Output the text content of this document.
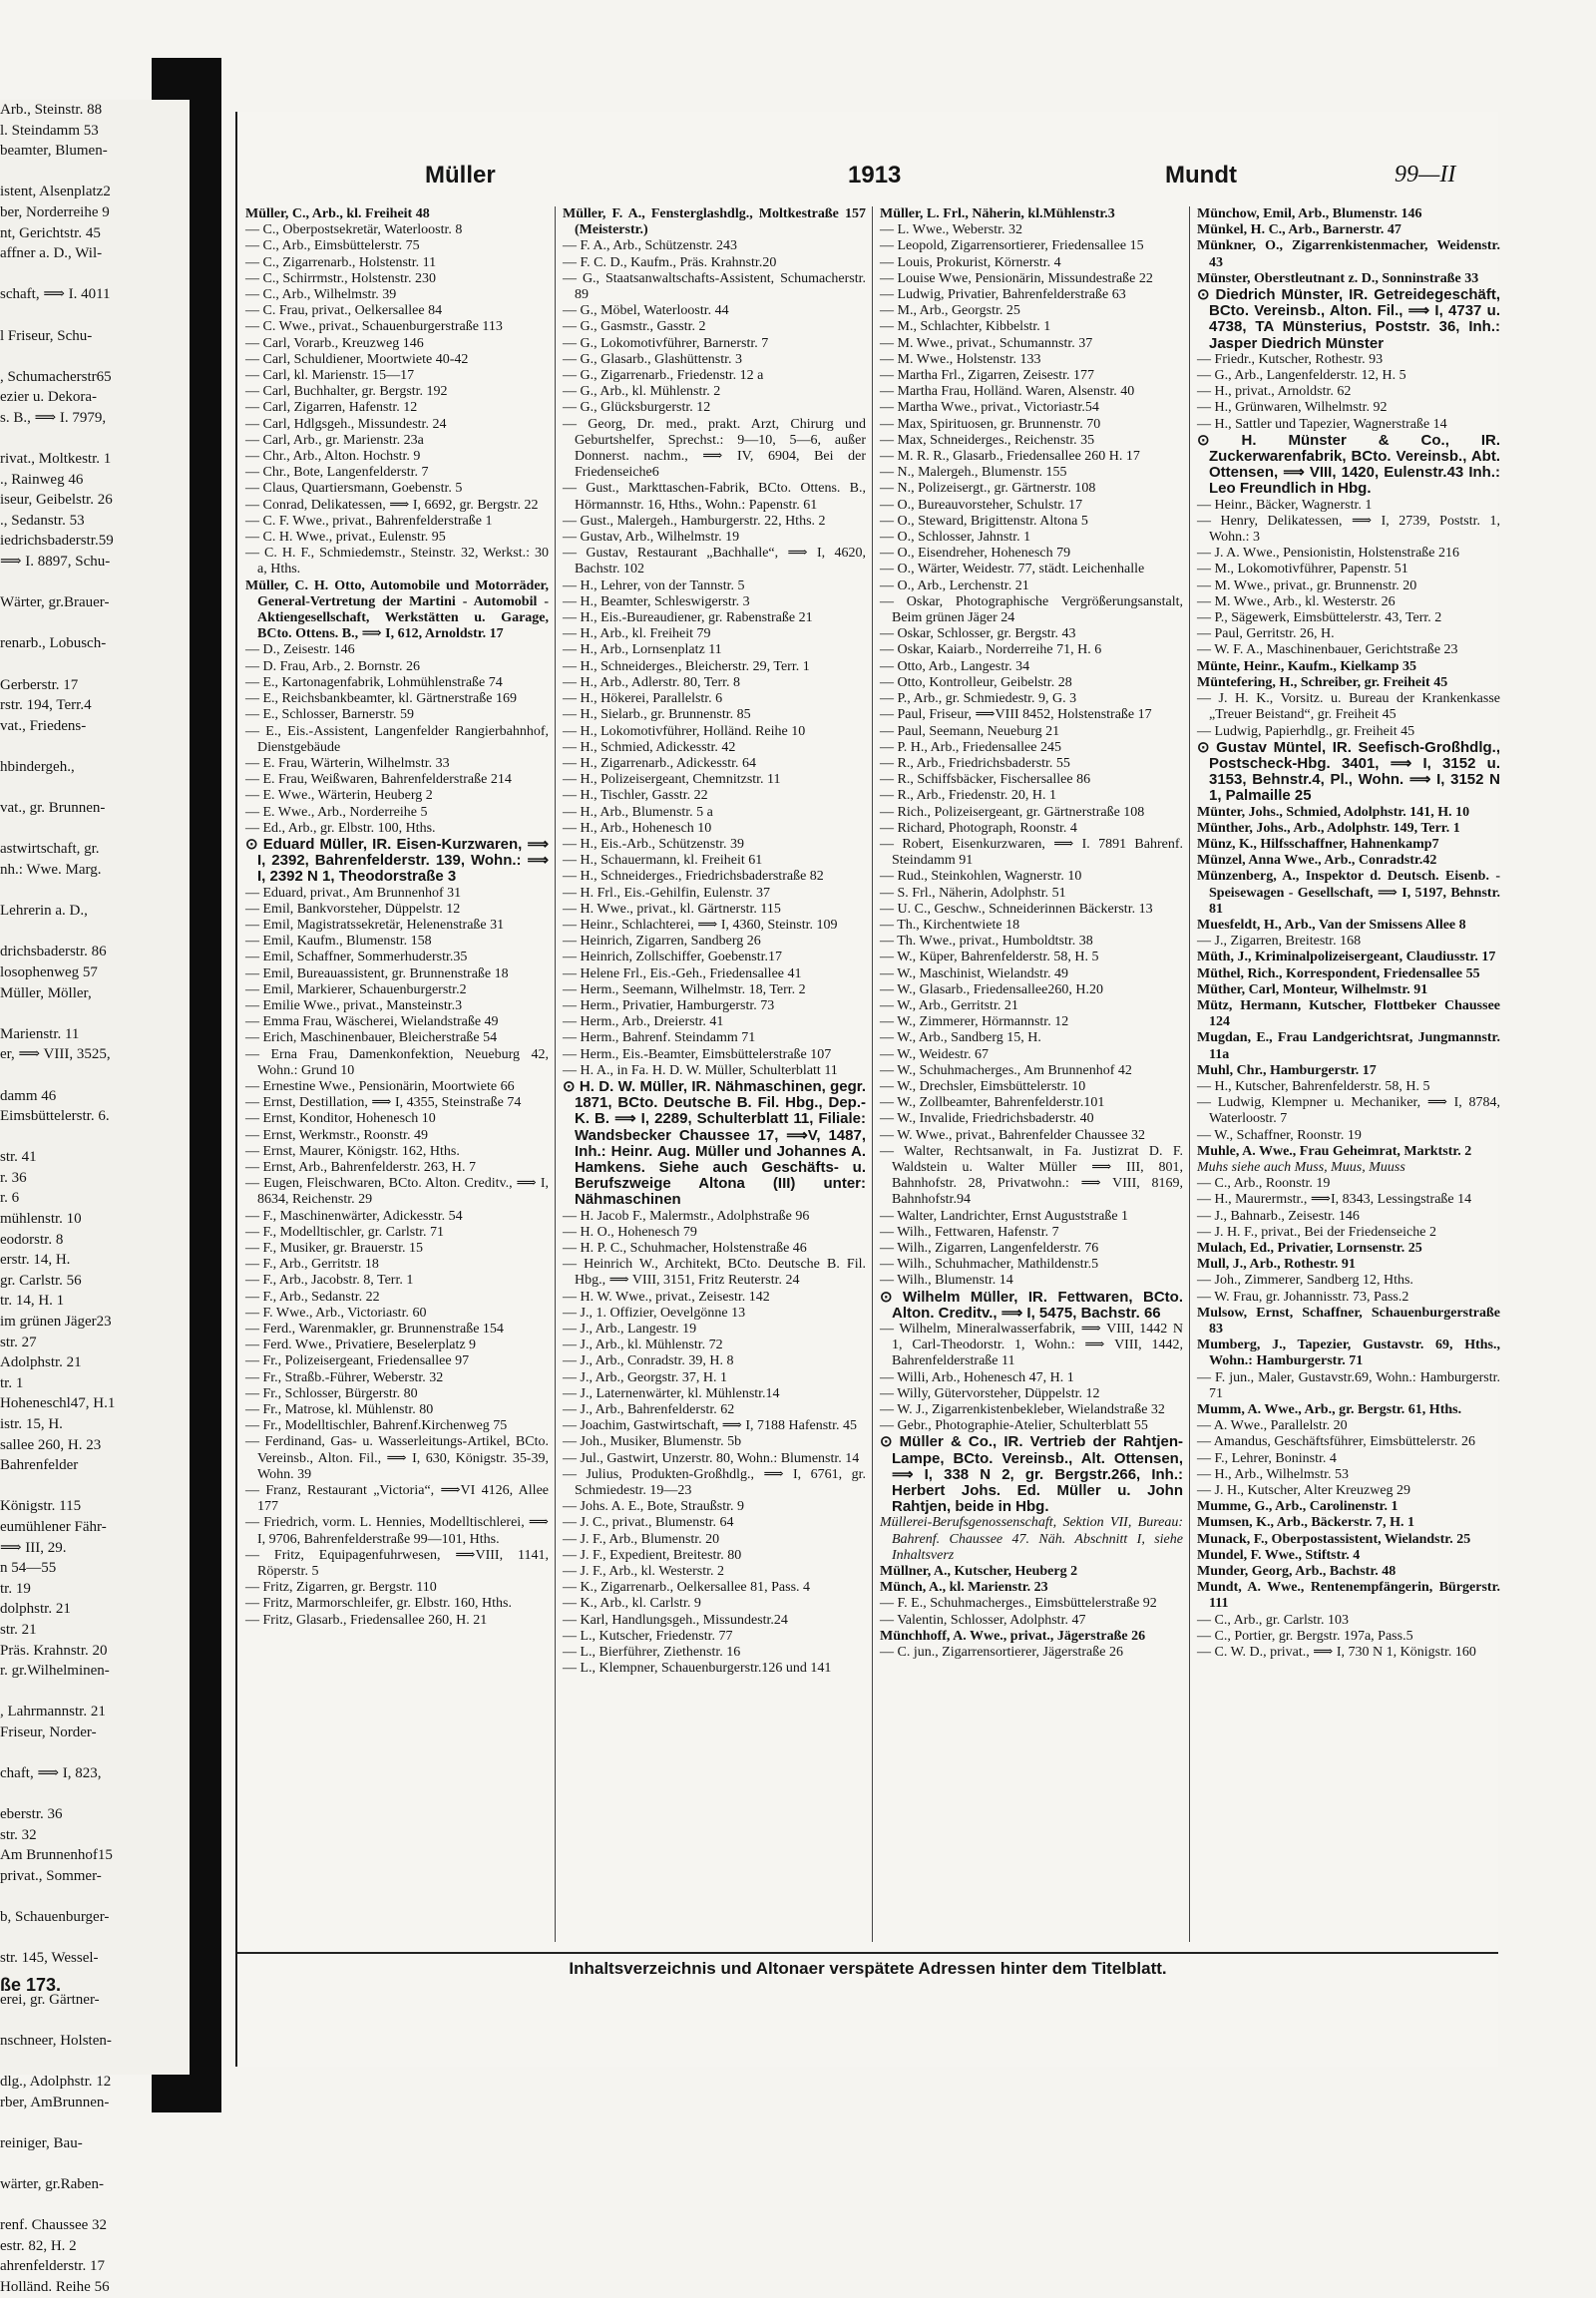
Arb., Steinstr. 88
l. Steindamm 53
beamter, Blumen-

istent, Alsenplatz2
ber, Norderreihe 9
nt, Gerichtstr. 45
affner a. D., Wil-

schaft, ⟹ I. 4011

l Friseur, Schu-

, Schumacherstr65
ezier u. Dekora-
s. B., ⟹ I. 7979,

rivat., Moltkestr. 1
., Rainweg 46
iseur, Geibelstr. 26
., Sedanstr. 53
iedrichsbaderstr.59
⟹ I. 8897, Schu-

Wärter, gr.Brauer-

renarb., Lobusch-

Gerberstr. 17
rstr. 194, Terr.4
vat., Friedens-

hbindergeh.,

vat., gr. Brunnen-

astwirtschaft, gr.
nh.: Wwe. Marg.

Lehrerin a. D.,

drichsbaderstr. 86
losophenweg 57
Müller, Möller,

Marienstr. 11
er, ⟹ VIII, 3525,

damm 46
Eimsbüttelerstr. 6.

str. 41
r. 36
r. 6
mühlenstr. 10
eodorstr. 8
erstr. 14, H.
gr. Carlstr. 56
tr. 14, H. 1
im grünen Jäger23
str. 27
Adolphstr. 21
tr. 1
Hoheneschl47, H.1
istr. 15, H.
sallee 260, H. 23
Bahrenfelder

Königstr. 115
eumühlener Fähr-
⟹ III, 29.
n 54—55
tr. 19
dolphstr. 21
str. 21
Präs. Krahnstr. 20
r. gr.Wilhelminen-

, Lahrmannstr. 21
Friseur, Norder-

chaft, ⟹ I, 823,

eberstr. 36
str. 32
Am Brunnenhof15
privat., Sommer-

b, Schauenburger-

str. 145, Wessel-

erei, gr. Gärtner-

nschneer, Holsten-

dlg., Adolphstr. 12
rber, AmBrunnen-

reiniger, Bau-

wärter, gr.Raben-

renf. Chaussee 32
estr. 82, H. 2
ahrenfelderstr. 17
Holländ. Reihe 56
ße 173.
Müller	1913	Mundt	99—II

Müller, C., Arb., kl. Freiheit 48

— C., Oberpostsekretär, Waterloostr. 8

— C., Arb., Eimsbüttelerstr. 75

— C., Zigarrenarb., Holstenstr. 11

— C., Schirrmstr., Holstenstr. 230

— C., Arb., Wilhelmstr. 39

— C. Frau, privat., Oelkersallee 84

— C. Wwe., privat., Schauenburgerstraße 113

— Carl, Vorarb., Kreuzweg 146

— Carl, Schuldiener, Moortwiete 40-42

— Carl, kl. Marienstr. 15—17

— Carl, Buchhalter, gr. Bergstr. 192

— Carl, Zigarren, Hafenstr. 12

— Carl, Hdlgsgeh., Missundestr. 24

— Carl, Arb., gr. Marienstr. 23a

— Chr., Arb., Alton. Hochstr. 9

— Chr., Bote, Langenfelderstr. 7

— Claus, Quartiersmann, Goebenstr. 5

— Conrad, Delikatessen, ⟹ I, 6692, gr. Bergstr. 22

— C. F. Wwe., privat., Bahrenfelderstraße 1

— C. H. Wwe., privat., Eulenstr. 95

— C. H. F., Schmiedemstr., Steinstr. 32, Werkst.: 30 a, Hths.

Müller, C. H. Otto, Automobile und Motorräder, General-Vertretung der Martini - Automobil - Aktiengesellschaft, Werkstätten u. Garage, BCto. Ottens. B., ⟹ I, 612, Arnoldstr. 17

— D., Zeisestr. 146

— D. Frau, Arb., 2. Bornstr. 26

— E., Kartonagenfabrik, Lohmühlenstraße 74

— E., Reichsbankbeamter, kl. Gärtnerstraße 169

— E., Schlosser, Barnerstr. 59

— E., Eis.-Assistent, Langenfelder Rangierbahnhof, Dienstgebäude

— E. Frau, Wärterin, Wilhelmstr. 33

— E. Frau, Weißwaren, Bahrenfelderstraße 214

— E. Wwe., Wärterin, Heuberg 2

— E. Wwe., Arb., Norderreihe 5

— Ed., Arb., gr. Elbstr. 100, Hths.

⊙ Eduard Müller, IR. Eisen-Kurzwaren, ⟹ I, 2392, Bahrenfelderstr. 139, Wohn.: ⟹ I, 2392 N 1, Theodorstraße 3

— Eduard, privat., Am Brunnenhof 31

— Emil, Bankvorsteher, Düppelstr. 12

— Emil, Magistratssekretär, Helenenstraße 31

— Emil, Kaufm., Blumenstr. 158

— Emil, Schaffner, Sommerhuderstr.35

— Emil, Bureauassistent, gr. Brunnenstraße 18

— Emil, Markierer, Schauenburgerstr.2

— Emilie Wwe., privat., Mansteinstr.3

— Emma Frau, Wäscherei, Wielandstraße 49

— Erich, Maschinenbauer, Bleicherstraße 54

— Erna Frau, Damenkonfektion, Neueburg 42, Wohn.: Grund 10

— Ernestine Wwe., Pensionärin, Moortwiete 66

— Ernst, Destillation, ⟹ I, 4355, Steinstraße 74

— Ernst, Konditor, Hohenesch 10

— Ernst, Werkmstr., Roonstr. 49

— Ernst, Maurer, Königstr. 162, Hths.

— Ernst, Arb., Bahrenfelderstr. 263, H. 7

— Eugen, Fleischwaren, BCto. Alton. Creditv., ⟹ I, 8634, Reichenstr. 29

— F., Maschinenwärter, Adickesstr. 54

— F., Modelltischler, gr. Carlstr. 71

— F., Musiker, gr. Brauerstr. 15

— F., Arb., Gerritstr. 18

— F., Arb., Jacobstr. 8, Terr. 1

— F., Arb., Sedanstr. 22

— F. Wwe., Arb., Victoriastr. 60

— Ferd., Warenmakler, gr. Brunnenstraße 154

— Ferd. Wwe., Privatiere, Beselerplatz 9

— Fr., Polizeisergeant, Friedensallee 97

— Fr., Straßb.-Führer, Weberstr. 32

— Fr., Schlosser, Bürgerstr. 80

— Fr., Matrose, kl. Mühlenstr. 80

— Fr., Modelltischler, Bahrenf.Kirchenweg 75

— Ferdinand, Gas- u. Wasserleitungs-Artikel, BCto. Vereinsb., Alton. Fil., ⟹ I, 630, Königstr. 35-39, Wohn. 39

— Franz, Restaurant „Victoria“, ⟹VI 4126, Allee 177

— Friedrich, vorm. L. Hennies, Modelltischlerei, ⟹ I, 9706, Bahrenfelderstraße 99—101, Hths.

— Fritz, Equipagenfuhrwesen, ⟹VIII, 1141, Röperstr. 5

— Fritz, Zigarren, gr. Bergstr. 110

— Fritz, Marmorschleifer, gr. Elbstr. 160, Hths.

— Fritz, Glasarb., Friedensallee 260, H. 21

Müller, F. A., Fensterglashdlg., Moltkestraße 157 (Meisterstr.)

— F. A., Arb., Schützenstr. 243

— F. C. D., Kaufm., Präs. Krahnstr.20

— G., Staatsanwaltschafts-Assistent, Schumacherstr. 89

— G., Möbel, Waterloostr. 44

— G., Gasmstr., Gasstr. 2

— G., Lokomotivführer, Barnerstr. 7

— G., Glasarb., Glashüttenstr. 3

— G., Zigarrenarb., Friedenstr. 12 a

— G., Arb., kl. Mühlenstr. 2

— G., Glücksburgerstr. 12

— Georg, Dr. med., prakt. Arzt, Chirurg und Geburtshelfer, Sprechst.: 9—10, 5—6, außer Donnerst. nachm., ⟹ IV, 6904, Bei der Friedenseiche6

— Gust., Markttaschen-Fabrik, BCto. Ottens. B., Hörmannstr. 16, Hths., Wohn.: Papenstr. 61

— Gust., Malergeh., Hamburgerstr. 22, Hths. 2

— Gustav, Arb., Wilhelmstr. 19

— Gustav, Restaurant „Bachhalle“, ⟹ I, 4620, Bachstr. 102

— H., Lehrer, von der Tannstr. 5

— H., Beamter, Schleswigerstr. 3

— H., Eis.-Bureaudiener, gr. Rabenstraße 21

— H., Arb., kl. Freiheit 79

— H., Arb., Lornsenplatz 11

— H., Schneiderges., Bleicherstr. 29, Terr. 1

— H., Arb., Adlerstr. 80, Terr. 8

— H., Hökerei, Parallelstr. 6

— H., Sielarb., gr. Brunnenstr. 85

— H., Lokomotivführer, Holländ. Reihe 10

— H., Schmied, Adickesstr. 42

— H., Zigarrenarb., Adickesstr. 64

— H., Polizeisergeant, Chemnitzstr. 11

— H., Tischler, Gasstr. 22

— H., Arb., Blumenstr. 5 a

— H., Arb., Hohenesch 10

— H., Eis.-Arb., Schützenstr. 39

— H., Schauermann, kl. Freiheit 61

— H., Schneiderges., Friedrichsbaderstraße 82

— H. Frl., Eis.-Gehilfin, Eulenstr. 37

— H. Wwe., privat., kl. Gärtnerstr. 115

— Heinr., Schlachterei, ⟹ I, 4360, Steinstr. 109

— Heinrich, Zigarren, Sandberg 26

— Heinrich, Zollschiffer, Goebenstr.17

— Helene Frl., Eis.-Geh., Friedensallee 41

— Herm., Seemann, Wilhelmstr. 18, Terr. 2

— Herm., Privatier, Hamburgerstr. 73

— Herm., Arb., Dreierstr. 41

— Herm., Bahrenf. Steindamm 71

— Herm., Eis.-Beamter, Eimsbüttelerstraße 107

— H. A., in Fa. H. D. W. Müller, Schulterblatt 11

⊙ H. D. W. Müller, IR. Nähmaschinen, gegr. 1871, BCto. Deutsche B. Fil. Hbg., Dep.-K. B. ⟹ I, 2289, Schulterblatt 11, Filiale: Wandsbecker Chaussee 17, ⟹V, 1487, Inh.: Heinr. Aug. Müller und Johannes A. Hamkens. Siehe auch Geschäfts- u. Berufszweige Altona (III) unter: Nähmaschinen

— H. Jacob F., Malermstr., Adolphstraße 96

— H. O., Hohenesch 79

— H. P. C., Schuhmacher, Holstenstraße 46

— Heinrich W., Architekt, BCto. Deutsche B. Fil. Hbg., ⟹ VIII, 3151, Fritz Reuterstr. 24

— H. W. Wwe., privat., Zeisestr. 142

— J., 1. Offizier, Oevelgönne 13

— J., Arb., Langestr. 19

— J., Arb., kl. Mühlenstr. 72

— J., Arb., Conradstr. 39, H. 8

— J., Arb., Georgstr. 37, H. 1

— J., Laternenwärter, kl. Mühlenstr.14

— J., Arb., Bahrenfelderstr. 62

— Joachim, Gastwirtschaft, ⟹ I, 7188 Hafenstr. 45

— Joh., Musiker, Blumenstr. 5b

— Jul., Gastwirt, Unzerstr. 80, Wohn.: Blumenstr. 14

— Julius, Produkten-Großhdlg., ⟹ I, 6761, gr. Schmiedestr. 19—23

— Johs. A. E., Bote, Straußstr. 9

— J. C., privat., Blumenstr. 64

— J. F., Arb., Blumenstr. 20

— J. F., Expedient, Breitestr. 80

— J. F., Arb., kl. Westerstr. 2

— K., Zigarrenarb., Oelkersallee 81, Pass. 4

— K., Arb., kl. Carlstr. 9

— Karl, Handlungsgeh., Missundestr.24

— L., Kutscher, Friedenstr. 77

— L., Bierführer, Ziethenstr. 16

— L., Klempner, Schauenburgerstr.126 und 141

Müller, L. Frl., Näherin, kl.Mühlenstr.3

— L. Wwe., Weberstr. 32

— Leopold, Zigarrensortierer, Friedensallee 15

— Louis, Prokurist, Körnerstr. 4

— Louise Wwe, Pensionärin, Missundestraße 22

— Ludwig, Privatier, Bahrenfelderstraße 63

— M., Arb., Georgstr. 25

— M., Schlachter, Kibbelstr. 1

— M. Wwe., privat., Schumannstr. 37

— M. Wwe., Holstenstr. 133

— Martha Frl., Zigarren, Zeisestr. 177

— Martha Frau, Holländ. Waren, Alsenstr. 40

— Martha Wwe., privat., Victoriastr.54

— Max, Spirituosen, gr. Brunnenstr. 70

— Max, Schneiderges., Reichenstr. 35

— M. R. R., Glasarb., Friedensallee 260 H. 17

— N., Malergeh., Blumenstr. 155

— N., Polizeisergt., gr. Gärtnerstr. 108

— O., Bureauvorsteher, Schulstr. 17

— O., Steward, Brigittenstr. Altona 5

— O., Schlosser, Jahnstr. 1

— O., Eisendreher, Hohenesch 79

— O., Wärter, Weidestr. 77, städt. Leichenhalle

— O., Arb., Lerchenstr. 21

— Oskar, Photographische Vergrößerungsanstalt, Beim grünen Jäger 24

— Oskar, Schlosser, gr. Bergstr. 43

— Oskar, Kaiarb., Norderreihe 71, H. 6

— Otto, Arb., Langestr. 34

— Otto, Kontrolleur, Geibelstr. 28

— P., Arb., gr. Schmiedestr. 9, G. 3

— Paul, Friseur, ⟹VIII 8452, Holstenstraße 17

— Paul, Seemann, Neueburg 21

— P. H., Arb., Friedensallee 245

— R., Arb., Friedrichsbaderstr. 55

— R., Schiffsbäcker, Fischersallee 86

— R., Arb., Friedenstr. 20, H. 1

— Rich., Polizeisergeant, gr. Gärtnerstraße 108

— Richard, Photograph, Roonstr. 4

— Robert, Eisenkurzwaren, ⟹ I. 7891 Bahrenf. Steindamm 91

— Rud., Steinkohlen, Wagnerstr. 10

— S. Frl., Näherin, Adolphstr. 51

— U. C., Geschw., Schneiderinnen Bäckerstr. 13

— Th., Kirchentwiete 18

— Th. Wwe., privat., Humboldtstr. 38

— W., Küper, Bahrenfelderstr. 58, H. 5

— W., Maschinist, Wielandstr. 49

— W., Glasarb., Friedensallee260, H.20

— W., Arb., Gerritstr. 21

— W., Zimmerer, Hörmannstr. 12

— W., Arb., Sandberg 15, H.

— W., Weidestr. 67

— W., Schuhmacherges., Am Brunnenhof 42

— W., Drechsler, Eimsbüttelerstr. 10

— W., Zollbeamter, Bahrenfelderstr.101

— W., Invalide, Friedrichsbaderstr. 40

— W. Wwe., privat., Bahrenfelder Chaussee 32

— Walter, Rechtsanwalt, in Fa. Justizrat D. F. Waldstein u. Walter Müller ⟹ III, 801, Bahnhofstr. 28, Privatwohn.: ⟹ VIII, 8169, Bahnhofstr.94

— Walter, Landrichter, Ernst Auguststraße 1

— Wilh., Fettwaren, Hafenstr. 7

— Wilh., Zigarren, Langenfelderstr. 76

— Wilh., Schuhmacher, Mathildenstr.5

— Wilh., Blumenstr. 14

⊙ Wilhelm Müller, IR. Fettwaren, BCto. Alton. Creditv., ⟹ I, 5475, Bachstr. 66

— Wilhelm, Mineralwasserfabrik, ⟹ VIII, 1442 N 1, Carl-Theodorstr. 1, Wohn.: ⟹ VIII, 1442, Bahrenfelderstraße 11

— Willi, Arb., Hohenesch 47, H. 1

— Willy, Gütervorsteher, Düppelstr. 12

— W. J., Zigarrenkistenbekleber, Wielandstraße 32

— Gebr., Photographie-Atelier, Schulterblatt 55

⊙ Müller & Co., IR. Vertrieb der Rahtjen-Lampe, BCto. Vereinsb., Alt. Ottensen, ⟹ I, 338 N 2, gr. Bergstr.266, Inh.: Herbert Johs. Ed. Müller u. John Rahtjen, beide in Hbg.

Müllerei-Berufsgenossenschaft, Sektion VII, Bureau: Bahrenf. Chaussee 47. Näh. Abschnitt I, siehe Inhaltsverz

Müllner, A., Kutscher, Heuberg 2

Münch, A., kl. Marienstr. 23

— F. E., Schuhmacherges., Eimsbüttelerstraße 92

— Valentin, Schlosser, Adolphstr. 47

Münchhoff, A. Wwe., privat., Jägerstraße 26

— C. jun., Zigarrensortierer, Jägerstraße 26

Münchow, Emil, Arb., Blumenstr. 146

Münkel, H. C., Arb., Barnerstr. 47

Münkner, O., Zigarrenkistenmacher, Weidenstr. 43

Münster, Oberstleutnant z. D., Sonninstraße 33

⊙ Diedrich Münster, IR. Getreidegeschäft, BCto. Vereinsb., Alton. Fil., ⟹ I, 4737 u. 4738, TA Münsterius, Poststr. 36, Inh.: Jasper Diedrich Münster

— Friedr., Kutscher, Rothestr. 93

— G., Arb., Langenfelderstr. 12, H. 5

— H., privat., Arnoldstr. 62

— H., Grünwaren, Wilhelmstr. 92

— H., Sattler und Tapezier, Wagnerstraße 14

⊙ H. Münster & Co., IR. Zuckerwarenfabrik, BCto. Vereinsb., Abt. Ottensen, ⟹ VIII, 1420, Eulenstr.43 Inh.: Leo Freundlich in Hbg.

— Heinr., Bäcker, Wagnerstr. 1

— Henry, Delikatessen, ⟹ I, 2739, Poststr. 1, Wohn.: 3

— J. A. Wwe., Pensionistin, Holstenstraße 216

— M., Lokomotivführer, Papenstr. 51

— M. Wwe., privat., gr. Brunnenstr. 20

— M. Wwe., Arb., kl. Westerstr. 26

— P., Sägewerk, Eimsbüttelerstr. 43, Terr. 2

— Paul, Gerritstr. 26, H.

— W. F. A., Maschinenbauer, Gerichtstraße 23

Münte, Heinr., Kaufm., Kielkamp 35

Müntefering, H., Schreiber, gr. Freiheit 45

— J. H. K., Vorsitz. u. Bureau der Krankenkasse „Treuer Beistand“, gr. Freiheit 45

— Ludwig, Papierhdlg., gr. Freiheit 45

⊙ Gustav Müntel, IR. Seefisch-Großhdlg., Postscheck-Hbg. 3401, ⟹ I, 3152 u. 3153, Behnstr.4, Pl., Wohn. ⟹ I, 3152 N 1, Palmaille 25

Münter, Johs., Schmied, Adolphstr. 141, H. 10

Münther, Johs., Arb., Adolphstr. 149, Terr. 1

Münz, K., Hilfsschaffner, Hahnenkamp7

Münzel, Anna Wwe., Arb., Conradstr.42

Münzenberg, A., Inspektor d. Deutsch. Eisenb. - Speisewagen - Gesellschaft, ⟹ I, 5197, Behnstr. 81

Muesfeldt, H., Arb., Van der Smissens Allee 8

— J., Zigarren, Breitestr. 168

Müth, J., Kriminalpolizeisergeant, Claudiusstr. 17

Müthel, Rich., Korrespondent, Friedensallee 55

Müther, Carl, Monteur, Wilhelmstr. 91

Mütz, Hermann, Kutscher, Flottbeker Chaussee 124

Mugdan, E., Frau Landgerichtsrat, Jungmannstr. 11a

Muhl, Chr., Hamburgerstr. 17

— H., Kutscher, Bahrenfelderstr. 58, H. 5

— Ludwig, Klempner u. Mechaniker, ⟹ I, 8784, Waterloostr. 7

— W., Schaffner, Roonstr. 19

Muhle, A. Wwe., Frau Geheimrat, Marktstr. 2

Muhs siehe auch Muss, Muus, Muuss

— C., Arb., Roonstr. 19

— H., Maurermstr., ⟹I, 8343, Lessingstraße 14

— J., Bahnarb., Zeisestr. 146

— J. H. F., privat., Bei der Friedenseiche 2

Mulach, Ed., Privatier, Lornsenstr. 25

Mull, J., Arb., Rothestr. 91

— Joh., Zimmerer, Sandberg 12, Hths.

— W. Frau, gr. Johannisstr. 73, Pass.2

Mulsow, Ernst, Schaffner, Schauenburgerstraße 83

Mumberg, J., Tapezier, Gustavstr. 69, Hths., Wohn.: Hamburgerstr. 71

— F. jun., Maler, Gustavstr.69, Wohn.: Hamburgerstr. 71

Mumm, A. Wwe., Arb., gr. Bergstr. 61, Hths.

— A. Wwe., Parallelstr. 20

— Amandus, Geschäftsführer, Eimsbüttelerstr. 26

— F., Lehrer, Boninstr. 4

— H., Arb., Wilhelmstr. 53

— J. H., Kutscher, Alter Kreuzweg 29

Mumme, G., Arb., Carolinenstr. 1

Mumsen, K., Arb., Bäckerstr. 7, H. 1

Munack, F., Oberpostassistent, Wielandstr. 25

Mundel, F. Wwe., Stiftstr. 4

Munder, Georg, Arb., Bachstr. 48

Mundt, A. Wwe., Rentenempfängerin, Bürgerstr. 111

— C., Arb., gr. Carlstr. 103

— C., Portier, gr. Bergstr. 197a, Pass.5

— C. W. D., privat., ⟹ I, 730 N 1, Königstr. 160

Inhaltsverzeichnis und Altonaer verspätete Adressen hinter dem Titelblatt.
